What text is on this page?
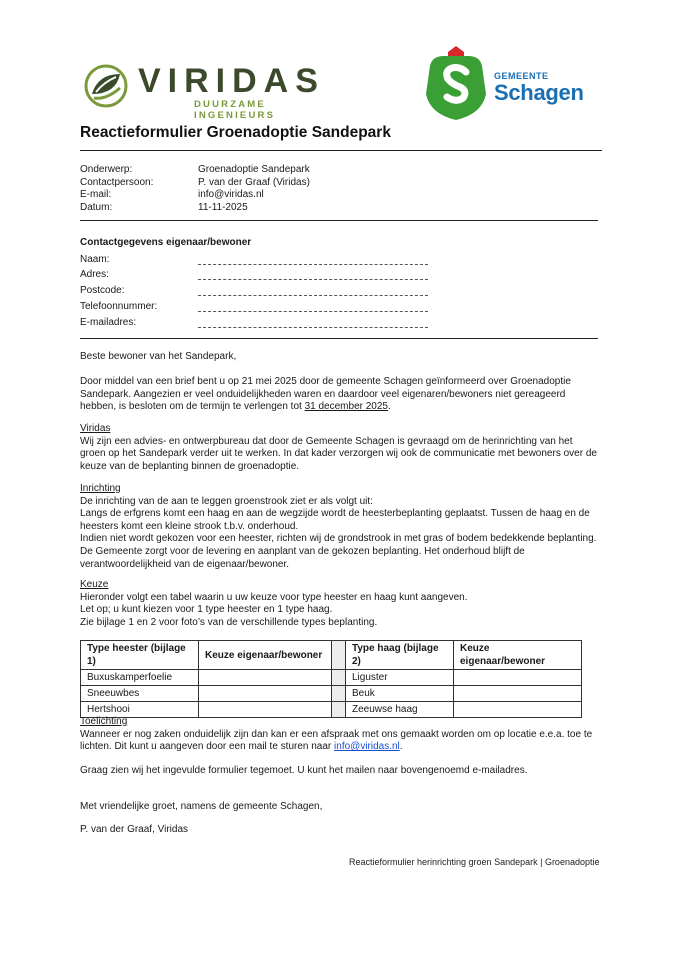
VIRIDAS
DUURZAME INGENIEURS
GEMEENTE
Schagen
Reactieformulier Groenadoptie Sandepark
Onderwerp:	Groenadoptie Sandepark
Contactpersoon:	P. van der Graaf (Viridas)
E-mail:	info@viridas.nl
Datum:	11-11-2025
Contactgegevens eigenaar/bewoner
Naam:
Adres:
Postcode:
Telefoonnummer:
E-mailadres:
Beste bewoner van het Sandepark,
Door middel van een brief bent u op 21 mei 2025 door de gemeente Schagen geïnformeerd over Groenadoptie Sandepark. Aangezien er veel onduidelijkheden waren en daardoor veel eigenaren/bewoners niet gereageerd hebben, is besloten om de termijn te verlengen tot 31 december 2025.
Viridas
Wij zijn een advies- en ontwerpbureau dat door de Gemeente Schagen is gevraagd om de herinrichting van het groen op het Sandepark verder uit te werken. In dat kader verzorgen wij ook de communicatie met bewoners over de keuze van de beplanting binnen de groenadoptie.
Inrichting
De inrichting van de aan te leggen groenstrook ziet er als volgt uit:
Langs de erfgrens komt een haag en aan de wegzijde wordt de heesterbeplanting geplaatst. Tussen de haag en de heesters komt een kleine strook t.b.v. onderhoud.
Indien niet wordt gekozen voor een heester, richten wij de grondstrook in met gras of bodem bedekkende beplanting. De Gemeente zorgt voor de levering en aanplant van de gekozen beplanting. Het onderhoud blijft de verantwoordelijkheid van de eigenaar/bewoner.
Keuze
Hieronder volgt een tabel waarin u uw keuze voor type heester en haag kunt aangeven.
Let op; u kunt kiezen voor 1 type heester en 1 type haag.
Zie bijlage 1 en 2 voor foto’s van de verschillende types beplanting.
Type heester (bijlage 1)	Keuze eigenaar/bewoner		Type haag (bijlage 2)	Keuze eigenaar/bewoner
Buxuskamperfoelie			Liguster	
Sneeuwbes			Beuk	
Hertshooi			Zeeuwse haag	
Toelichting
Wanneer er nog zaken onduidelijk zijn dan kan er een afspraak met ons gemaakt worden om op locatie e.e.a. toe te lichten. Dit kunt u aangeven door een mail te sturen naar info@viridas.nl.
Graag zien wij het ingevulde formulier tegemoet. U kunt het mailen naar bovengenoemd e-mailadres.
Met vriendelijke groet, namens de gemeente Schagen,
P. van der Graaf, Viridas
Reactieformulier herinrichting groen Sandepark | Groenadoptie
